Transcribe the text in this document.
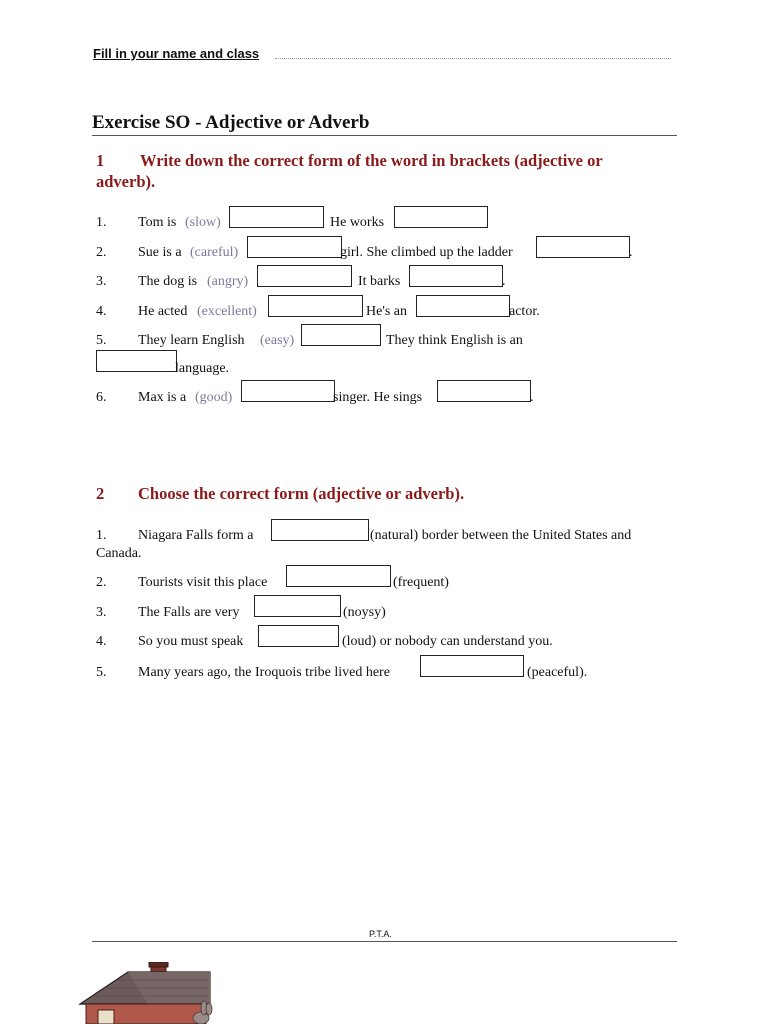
Fill in your name and class
Exercise SO - Adjective or Adverb
1 Write down the correct form of the word in brackets (adjective or
adverb).
1. Tom is (slow)	He works
2. Sue is a (careful)	girl. She climbed up the ladder	.
3. The dog is (angry)	It barks	.
4. He acted (excellent)	He's an	actor.
5. They learn English (easy)	They think English is an
language.
6. Max is a (good)	singer. He sings	.
2 Choose the correct form (adjective or adverb).
1. Niagara Falls form a	(natural) border between the United States and
Canada.
2. Tourists visit this place	(frequent)
3. The Falls are very	(noysy)
4. So you must speak	(loud) or nobody can understand you.
5. Many years ago, the Iroquois tribe lived here	(peaceful).
P.T.A.
